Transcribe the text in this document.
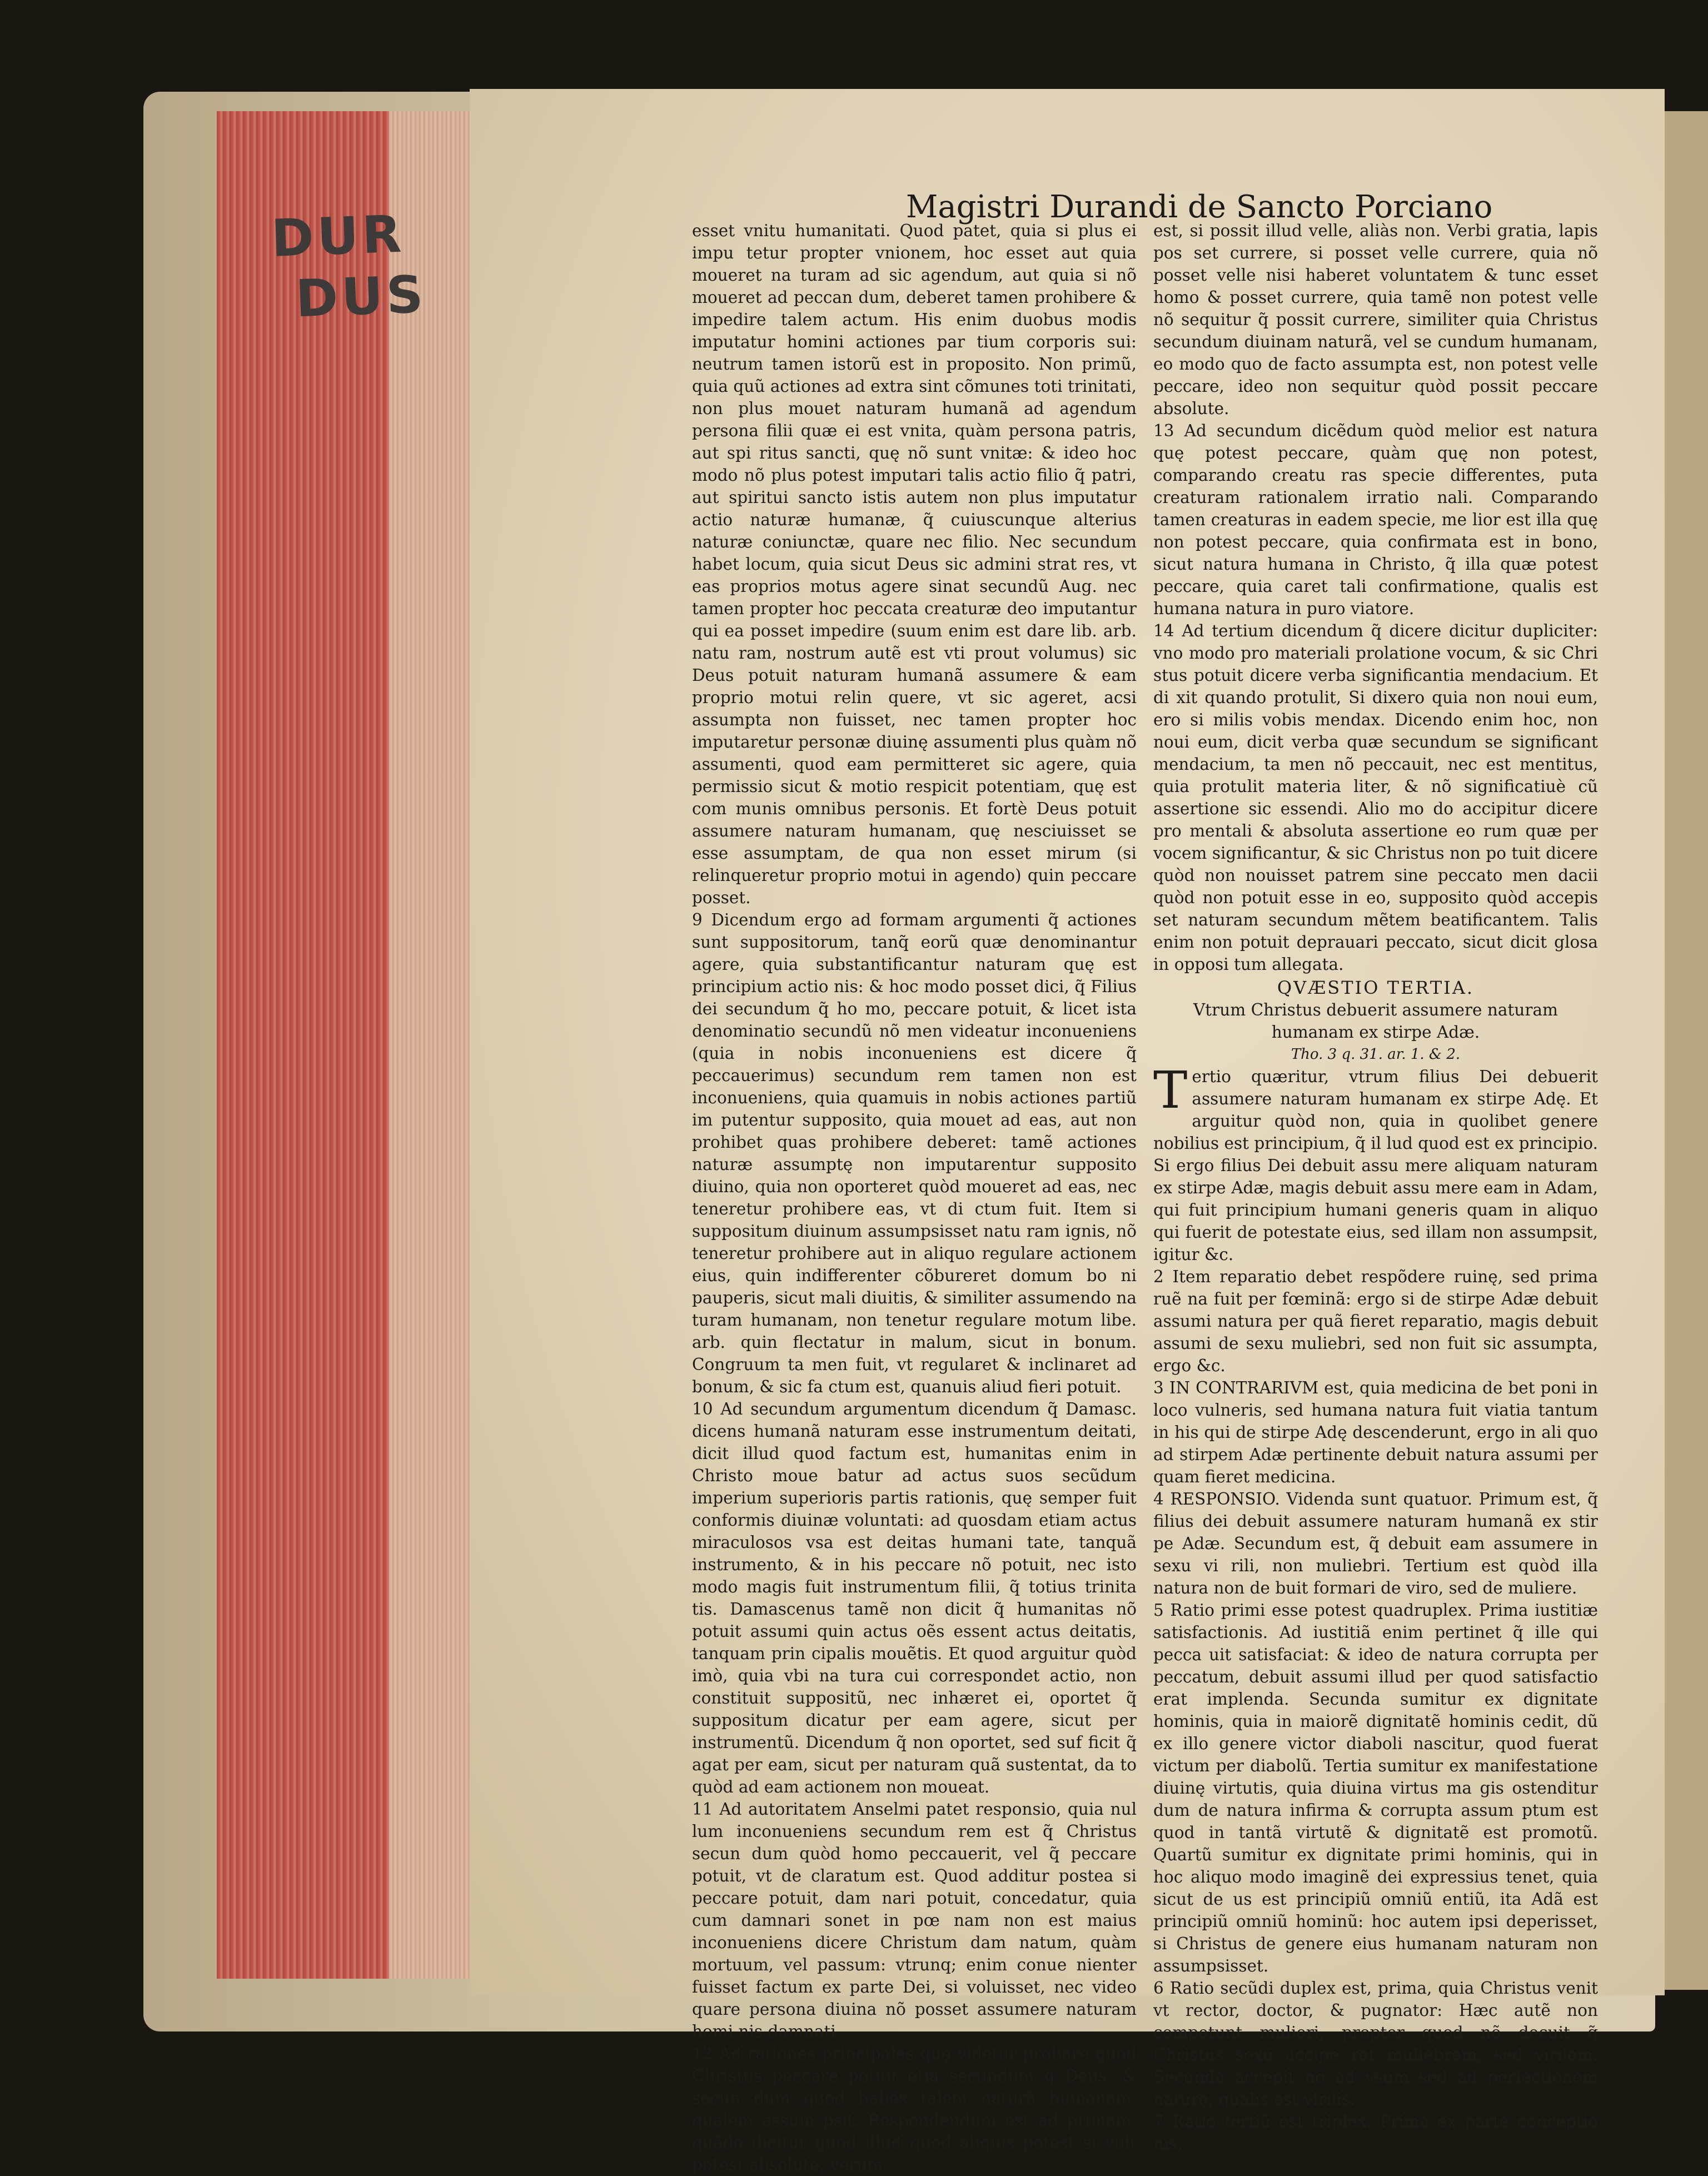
DUR
DUS
Magistri Durandi de Sancto Porciano

esset vnitu humanitati. Quod patet, quia si plus ei impu tetur propter vnionem, hoc esset aut quia moueret na turam ad sic agendum, aut quia si nõ moueret ad peccan dum, deberet tamen prohibere & impedire talem actum. His enim duobus modis imputatur homini actiones par tium corporis sui: neutrum tamen istorũ est in proposito. Non primũ, quia quũ actiones ad extra sint cõmunes toti trinitati, non plus mouet naturam humanã ad agendum persona filii quæ ei est vnita, quàm persona patris, aut spi ritus sancti, quę nõ sunt vnitæ: & ideo hoc modo nõ plus potest imputari talis actio filio q̃ patri, aut spiritui sancto istis autem non plus imputatur actio naturæ humanæ, q̃ cuiuscunque alterius naturæ coniunctæ, quare nec filio. Nec secundum habet locum, quia sicut Deus sic admini strat res, vt eas proprios motus agere sinat secundũ Aug. nec tamen propter hoc peccata creaturæ deo imputantur qui ea posset impedire (suum enim est dare lib. arb. natu ram, nostrum autẽ est vti prout volumus) sic Deus potuit naturam humanã assumere & eam proprio motui relin quere, vt sic ageret, acsi assumpta non fuisset, nec tamen propter hoc imputaretur personæ diuinę assumenti plus quàm nõ assumenti, quod eam permitteret sic agere, quia permissio sicut & motio respicit potentiam, quę est com munis omnibus personis. Et fortè Deus potuit assumere naturam humanam, quę nesciuisset se esse assumptam, de qua non esset mirum (si relinqueretur proprio motui in agendo) quin peccare posset.

9 Dicendum ergo ad formam argumenti q̃ actiones sunt suppositorum, tanq̃ eorũ quæ denominantur agere, quia substantificantur naturam quę est principium actio nis: & hoc modo posset dici, q̃ Filius dei secundum q̃ ho mo, peccare potuit, & licet ista denominatio secundũ nõ men videatur inconueniens (quia in nobis inconueniens est dicere q̃ peccauerimus) secundum rem tamen non est inconueniens, quia quamuis in nobis actiones partiũ im putentur supposito, quia mouet ad eas, aut non prohibet quas prohibere deberet: tamẽ actiones naturæ assumptę non imputarentur supposito diuino, quia non oporteret quòd moueret ad eas, nec teneretur prohibere eas, vt di ctum fuit. Item si suppositum diuinum assumpsisset natu ram ignis, nõ teneretur prohibere aut in aliquo regulare actionem eius, quin indifferenter cõbureret domum bo ni pauperis, sicut mali diuitis, & similiter assumendo na turam humanam, non tenetur regulare motum libe. arb. quin flectatur in malum, sicut in bonum. Congruum ta men fuit, vt regularet & inclinaret ad bonum, & sic fa ctum est, quanuis aliud fieri potuit.

10 Ad secundum argumentum dicendum q̃ Damasc. dicens humanã naturam esse instrumentum deitati, dicit illud quod factum est, humanitas enim in Christo moue batur ad actus suos secũdum imperium superioris partis rationis, quę semper fuit conformis diuinæ voluntati: ad quosdam etiam actus miraculosos vsa est deitas humani tate, tanquã instrumento, & in his peccare nõ potuit, nec isto modo magis fuit instrumentum filii, q̃ totius trinita tis. Damascenus tamẽ non dicit q̃ humanitas nõ potuit assumi quin actus oẽs essent actus deitatis, tanquam prin cipalis mouẽtis. Et quod arguitur quòd imò, quia vbi na tura cui correspondet actio, non constituit suppositũ, nec inhæret ei, oportet q̃ suppositum dicatur per eam agere, sicut per instrumentũ. Dicendum q̃ non oportet, sed suf ficit q̃ agat per eam, sicut per naturam quã sustentat, da to quòd ad eam actionem non moueat.

11 Ad autoritatem Anselmi patet responsio, quia nul lum inconueniens secundum rem est q̃ Christus secun dum quòd homo peccauerit, vel q̃ peccare potuit, vt de claratum est. Quod additur postea si peccare potuit, dam nari potuit, concedatur, quia cum damnari sonet in pœ nam non est maius inconueniens dicere Christum dam natum, quàm mortuum, vel passum: vtrunq; enim conue nienter fuisset factum ex parte Dei, si voluisset, nec video quare persona diuina nõ posset assumere naturam homi nis damnati.

12 Ad rationes principales quę videtur probare quòd Christus peccare potuit etiã secundum q̃ Deus, & secun dum quòd habẽs talem naturã humanam, qualem assum psit. Respondendum est ad primam, quãdo dicitur quòd illud quod aliquis potest si vult potest absolutè, verum

est, si possit illud velle, aliàs non. Verbi gratia, lapis pos set currere, si posset velle currere, quia nõ posset velle nisi haberet voluntatem & tunc esset homo & posset currere, quia tamẽ non potest velle nõ sequitur q̃ possit currere, similiter quia Christus secundum diuinam naturã, vel se cundum humanam, eo modo quo de facto assumpta est, non potest velle peccare, ideo non sequitur quòd possit peccare absolute.

13 Ad secundum dicẽdum quòd melior est natura quę potest peccare, quàm quę non potest, comparando creatu ras specie differentes, puta creaturam rationalem irratio nali. Comparando tamen creaturas in eadem specie, me lior est illa quę non potest peccare, quia confirmata est in bono, sicut natura humana in Christo, q̃ illa quæ potest peccare, quia caret tali confirmatione, qualis est humana natura in puro viatore.

14 Ad tertium dicendum q̃ dicere dicitur dupliciter: vno modo pro materiali prolatione vocum, & sic Chri stus potuit dicere verba significantia mendacium. Et di xit quando protulit, Si dixero quia non noui eum, ero si milis vobis mendax. Dicendo enim hoc, non noui eum, dicit verba quæ secundum se significant mendacium, ta men nõ peccauit, nec est mentitus, quia protulit materia liter, & nõ significatiuè cũ assertione sic essendi. Alio mo do accipitur dicere pro mentali & absoluta assertione eo rum quæ per vocem significantur, & sic Christus non po tuit dicere quòd non nouisset patrem sine peccato men dacii quòd non potuit esse in eo, supposito quòd accepis set naturam secundum mẽtem beatificantem. Talis enim non potuit deprauari peccato, sicut dicit glosa in opposi tum allegata.

QVÆSTIO TERTIA.
Vtrum Christus debuerit assumere naturam
humanam ex stirpe Adæ.
Tho. 3 q. 31. ar. 1. & 2.

Tertio quæritur, vtrum filius Dei debuerit assumere naturam humanam ex stirpe Adę. Et arguitur quòd non, quia in quolibet genere nobilius est principium, q̃ il lud quod est ex principio. Si ergo filius Dei debuit assu mere aliquam naturam ex stirpe Adæ, magis debuit assu mere eam in Adam, qui fuit principium humani generis quam in aliquo qui fuerit de potestate eius, sed illam non assumpsit, igitur &c.

2 Item reparatio debet respõdere ruinę, sed prima ruẽ na fuit per fœminã: ergo si de stirpe Adæ debuit assumi natura per quã fieret reparatio, magis debuit assumi de sexu muliebri, sed non fuit sic assumpta, ergo &c.

3 IN CONTRARIVM est, quia medicina de bet poni in loco vulneris, sed humana natura fuit viatia tantum in his qui de stirpe Adę descenderunt, ergo in ali quo ad stirpem Adæ pertinente debuit natura assumi per quam fieret medicina.

4 RESPONSIO. Videnda sunt quatuor. Primum est, q̃ filius dei debuit assumere naturam humanã ex stir pe Adæ. Secundum est, q̃ debuit eam assumere in sexu vi rili, non muliebri. Tertium est quòd illa natura non de buit formari de viro, sed de muliere.

5 Ratio primi esse potest quadruplex. Prima iustitiæ satisfactionis. Ad iustitiã enim pertinet q̃ ille qui pecca uit satisfaciat: & ideo de natura corrupta per peccatum, debuit assumi illud per quod satisfactio erat implenda. Secunda sumitur ex dignitate hominis, quia in maiorẽ dignitatẽ hominis cedit, dũ ex illo genere victor diaboli nascitur, quod fuerat victum per diabolũ. Tertia sumitur ex manifestatione diuinę virtutis, quia diuina virtus ma gis ostenditur dum de natura infirma & corrupta assum ptum est quod in tantã virtutẽ & dignitatẽ est promotũ. Quartũ sumitur ex dignitate primi hominis, qui in hoc aliquo modo imaginẽ dei expressius tenet, quia sicut de us est principiũ omniũ entiũ, ita Adã est principiũ omniũ hominũ: hoc autem ipsi deperisset, si Christus de genere eius humanam naturam non assumpsisset.

6 Ratio secũdi duplex est, prima, quia Christus venit vt rector, doctor, & pugnator: Hæc autẽ non competunt mulieri, propter quod nõ decuit q̃ Christus sexũ accipe ret muliebrem, sed virilem. Secunda accepit nõ ad vsum sed ad perfectionem naturę, qualis est virilis.

7 Ratio tertiũ est triplex. Prima ex parte conceptio nis,
